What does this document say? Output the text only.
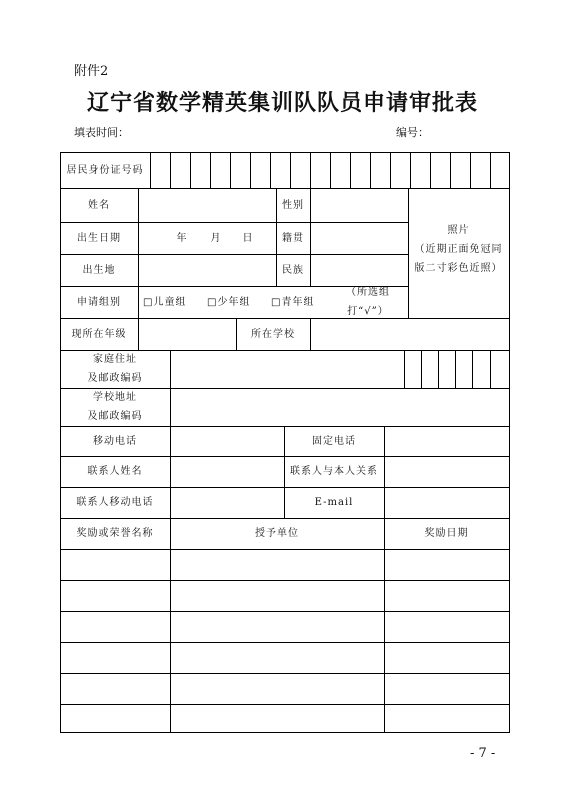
附件2
辽宁省数学精英集训队队员申请审批表
填表时间：	编号：
居民身份证号码
姓名	性别
照片
（近期正面免冠同
版二寸彩色近照）
出生日期	年	月	日	籍贯
出生地	民族
申请组别	□儿童组	□少年组	□青年组
（所选组打“√”）
现所在年级	所在学校
家庭住址
及邮政编码
学校地址
及邮政编码
移动电话	固定电话
联系人姓名	联系人与本人关系
联系人移动电话	E-mail
奖励或荣誉名称	授予单位	奖励日期
- 7 -
